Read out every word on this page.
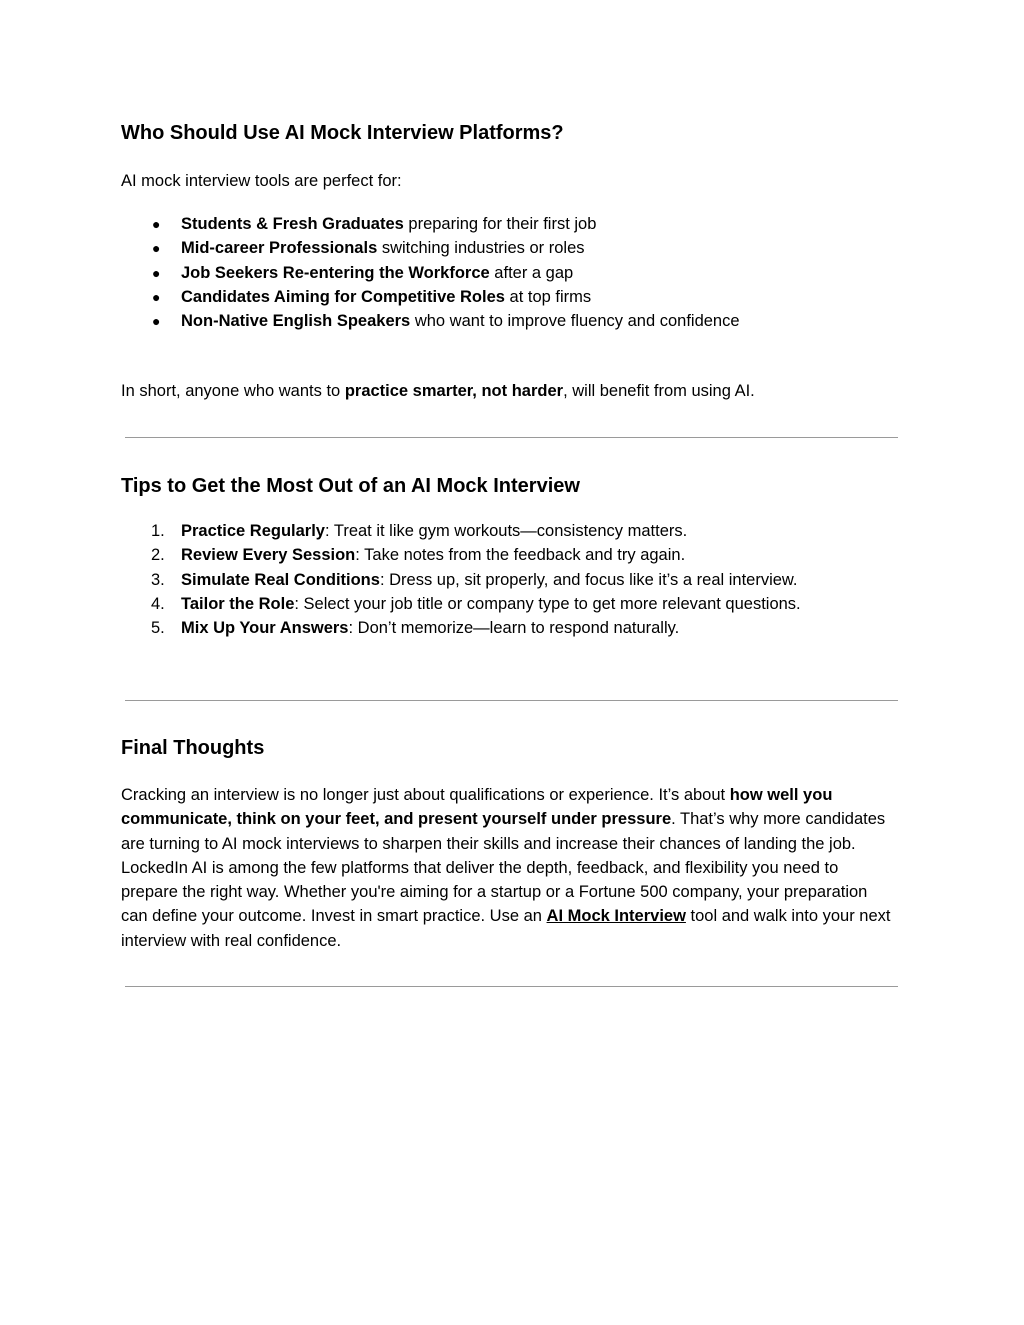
Who Should Use AI Mock Interview Platforms?

AI mock interview tools are perfect for:

● Students & Fresh Graduates preparing for their first job
● Mid-career Professionals switching industries or roles
● Job Seekers Re-entering the Workforce after a gap
● Candidates Aiming for Competitive Roles at top firms
● Non-Native English Speakers who want to improve fluency and confidence

In short, anyone who wants to practice smarter, not harder, will benefit from using AI.

Tips to Get the Most Out of an AI Mock Interview
1. Practice Regularly: Treat it like gym workouts—consistency matters.
2. Review Every Session: Take notes from the feedback and try again.
3. Simulate Real Conditions: Dress up, sit properly, and focus like it’s a real interview.
4. Tailor the Role: Select your job title or company type to get more relevant questions.
5. Mix Up Your Answers: Don’t memorize—learn to respond naturally.
Final Thoughts

Cracking an interview is no longer just about qualifications or experience. It’s about how well you communicate, think on your feet, and present yourself under pressure. That’s why more candidates are turning to AI mock interviews to sharpen their skills and increase their chances of landing the job. LockedIn AI is among the few platforms that deliver the depth, feedback, and flexibility you need to prepare the right way. Whether you're aiming for a startup or a Fortune 500 company, your preparation can define your outcome. Invest in smart practice. Use an AI Mock Interview tool and walk into your next interview with real confidence.
